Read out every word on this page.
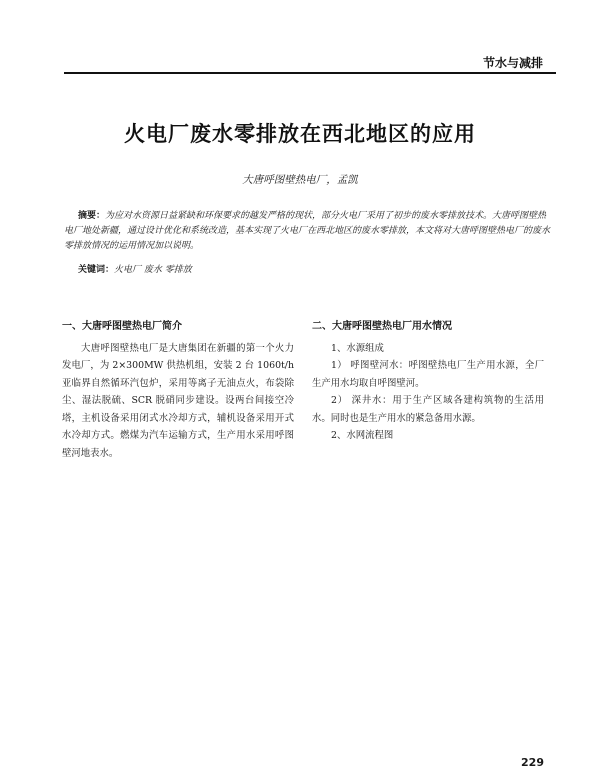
节水与减排
火电厂废水零排放在西北地区的应用
大唐呼图壁热电厂，孟凯
摘要：为应对水资源日益紧缺和环保要求的越发严格的现状，部分火电厂采用了初步的废水零排放技术。大唐呼图壁热电厂地处新疆，通过设计优化和系统改造，基本实现了火电厂在西北地区的废水零排放，本文将对大唐呼图壁热电厂的废水零排放情况的运用情况加以说明。
关键词：火电厂 废水 零排放
一、大唐呼图壁热电厂简介

大唐呼图壁热电厂是大唐集团在新疆的第一个火力发电厂，为 2×300MW 供热机组，安装 2 台 1060t/h 亚临界自然循环汽包炉，采用等离子无油点火，布袋除尘、湿法脱硫、SCR 脱硝同步建设。设两台间接空冷塔，主机设备采用闭式水冷却方式，辅机设备采用开式水冷却方式。燃煤为汽车运输方式，生产用水采用呼图壁河地表水。

二、大唐呼图壁热电厂用水情况

1、水源组成

1） 呼图壁河水：呼图壁热电厂生产用水源，全厂生产用水均取自呼图壁河。

2） 深井水：用于生产区域各建构筑物的生活用水。同时也是生产用水的紧急备用水源。

2、水网流程图

229
